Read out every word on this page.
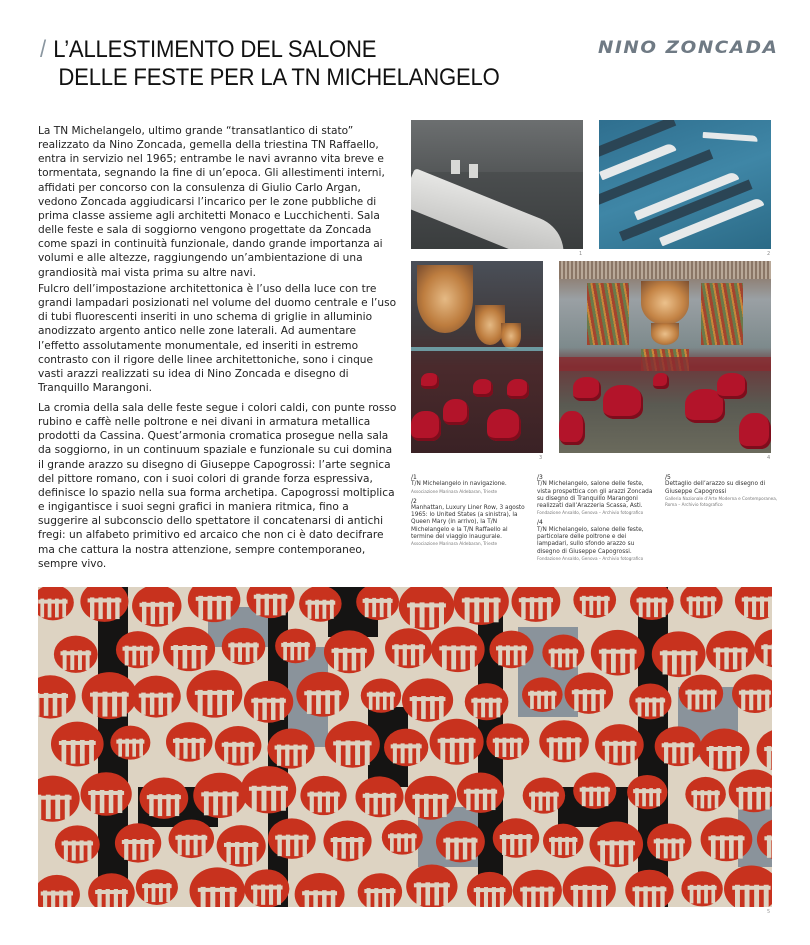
/ L’ALLESTIMENTO DEL SALONE
DELLE FESTE PER LA TN MICHELANGELO
NINO ZONCADA

La TN Michelangelo, ultimo grande “transatlantico di stato” realizzato da Nino Zoncada, gemella della triestina TN Raffaello, entra in servizio nel 1965; entrambe le navi avranno vita breve e tormentata, segnando la fine di un’epoca. Gli allestimenti interni, affidati per concorso con la consulenza di Giulio Carlo Argan, vedono Zoncada aggiudicarsi l’incarico per le zone pubbliche di prima classe assieme agli architetti Monaco e Lucchichenti. Sala delle feste e sala di soggiorno vengono progettate da Zoncada come spazi in continuità funzionale, dando grande importanza ai volumi e alle altezze, raggiungendo un’ambientazione di una grandiosità mai vista prima su altre navi.

Fulcro dell’impostazione architettonica è l’uso della luce con tre grandi lampadari posizionati nel volume del duomo centrale e l’uso di tubi fluorescenti inseriti in uno schema di griglie in alluminio anodizzato argento antico nelle zone laterali. Ad aumentare l’effetto assolutamente monumentale, ed inseriti in estremo contrasto con il rigore delle linee architettoniche, sono i cinque vasti arazzi realizzati su idea di Nino Zoncada e disegno di Tranquillo Marangoni.

La cromia della sala delle feste segue i colori caldi, con punte rosso rubino e caffè nelle poltrone e nei divani in armatura metallica prodotti da Cassina. Quest’armonia cromatica prosegue nella sala da soggiorno, in un continuum spaziale e funzionale su cui domina il grande arazzo su disegno di Giuseppe Capogrossi: l’arte segnica del pittore romano, con i suoi colori di grande forza espressiva, definisce lo spazio nella sua forma archetipa. Capogrossi moltiplica e ingigantisce i suoi segni grafici in maniera ritmica, fino a suggerire al subconscio dello spettatore il concatenarsi di antichi fregi: un alfabeto primitivo ed arcaico che non ci è dato decifrare ma che cattura la nostra attenzione, sempre contemporaneo, sempre vivo.

1	2
3	4
/1
T/N Michelangelo in navigazione.
Associazione Marinara Aldebaran, Trieste
/2
Manhattan, Luxury Liner Row, 3 agosto 1965: lo United States (a sinistra), la Queen Mary (in arrivo), la T/N Michelangelo e la T/N Raffaello al termine del viaggio inaugurale.
Associazione Marinara Aldebaran, Trieste
/3
T/N Michelangelo, salone delle feste, vista prospettica con gli arazzi Zoncada su disegno di Tranquillo Marangoni realizzati dall’Arazzeria Scassa, Asti.
Fondazione Ansaldo, Genova – Archivio fotografico
/4
T/N Michelangelo, salone delle feste, particolare delle poltrone e dei lampadari, sullo sfondo arazzo su disegno di Giuseppe Capogrossi.
Fondazione Ansaldo, Genova – Archivio fotografico
/5
Dettaglio dell’arazzo su disegno di Giuseppe Capogrossi
Galleria Nazionale d’Arte Moderna e Contemporanea, Roma – Archivio fotografico
5
